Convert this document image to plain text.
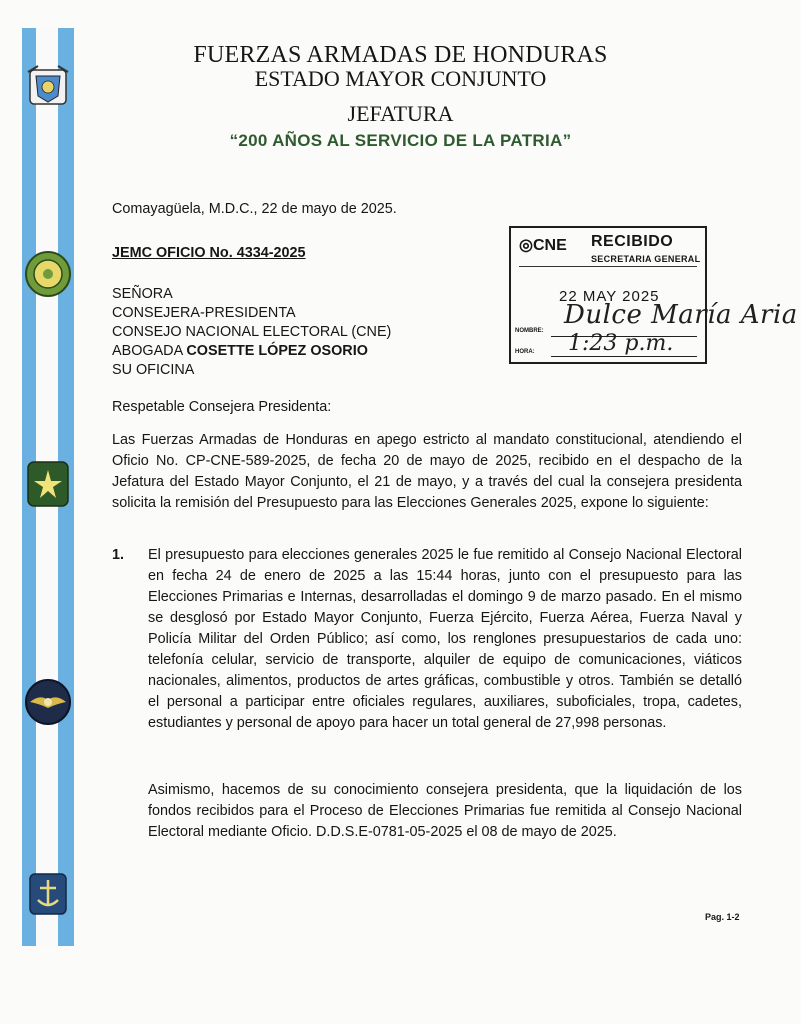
FUERZAS ARMADAS DE HONDURAS
ESTADO MAYOR CONJUNTO
JEFATURA
“200 AÑOS AL SERVICIO DE LA PATRIA”
Comayagüela, M.D.C., 22 de mayo de 2025.
JEMC OFICIO No. 4334-2025
SEÑORA
CONSEJERA-PRESIDENTA
CONSEJO NACIONAL ELECTORAL (CNE)
ABOGADA COSETTE LÓPEZ OSORIO
SU OFICINA
Respetable Consejera Presidenta:
Las Fuerzas Armadas de Honduras en apego estricto al mandato constitucional, atendiendo el Oficio No. CP-CNE-589-2025, de fecha 20 de mayo de 2025, recibido en el despacho de la Jefatura del Estado Mayor Conjunto, el 21 de mayo, y a través del cual la consejera presidenta solicita la remisión del Presupuesto para las Elecciones Generales 2025, expone lo siguiente:
1. El presupuesto para elecciones generales 2025 le fue remitido al Consejo Nacional Electoral en fecha 24 de enero de 2025 a las 15:44 horas, junto con el presupuesto para las Elecciones Primarias e Internas, desarrolladas el domingo 9 de marzo pasado. En el mismo se desglosó por Estado Mayor Conjunto, Fuerza Ejército, Fuerza Aérea, Fuerza Naval y Policía Militar del Orden Público; así como, los renglones presupuestarios de cada uno: telefonía celular, servicio de transporte, alquiler de equipo de comunicaciones, viáticos nacionales, alimentos, productos de artes gráficas, combustible y otros. También se detalló el personal a participar entre oficiales regulares, auxiliares, suboficiales, tropa, cadetes, estudiantes y personal de apoyo para hacer un total general de 27,998 personas.
Asimismo, hacemos de su conocimiento consejera presidenta, que la liquidación de los fondos recibidos para el Proceso de Elecciones Primarias fue remitida al Consejo Nacional Electoral mediante Oficio. D.D.S.E-0781-05-2025 el 08 de mayo de 2025.
Pag. 1-2
◎CNE RECIBIDO
SECRETARIA GENERAL
22 MAY 2025
NOMBRE:
HORA:
Dulce María Aria
1:23 p.m.
